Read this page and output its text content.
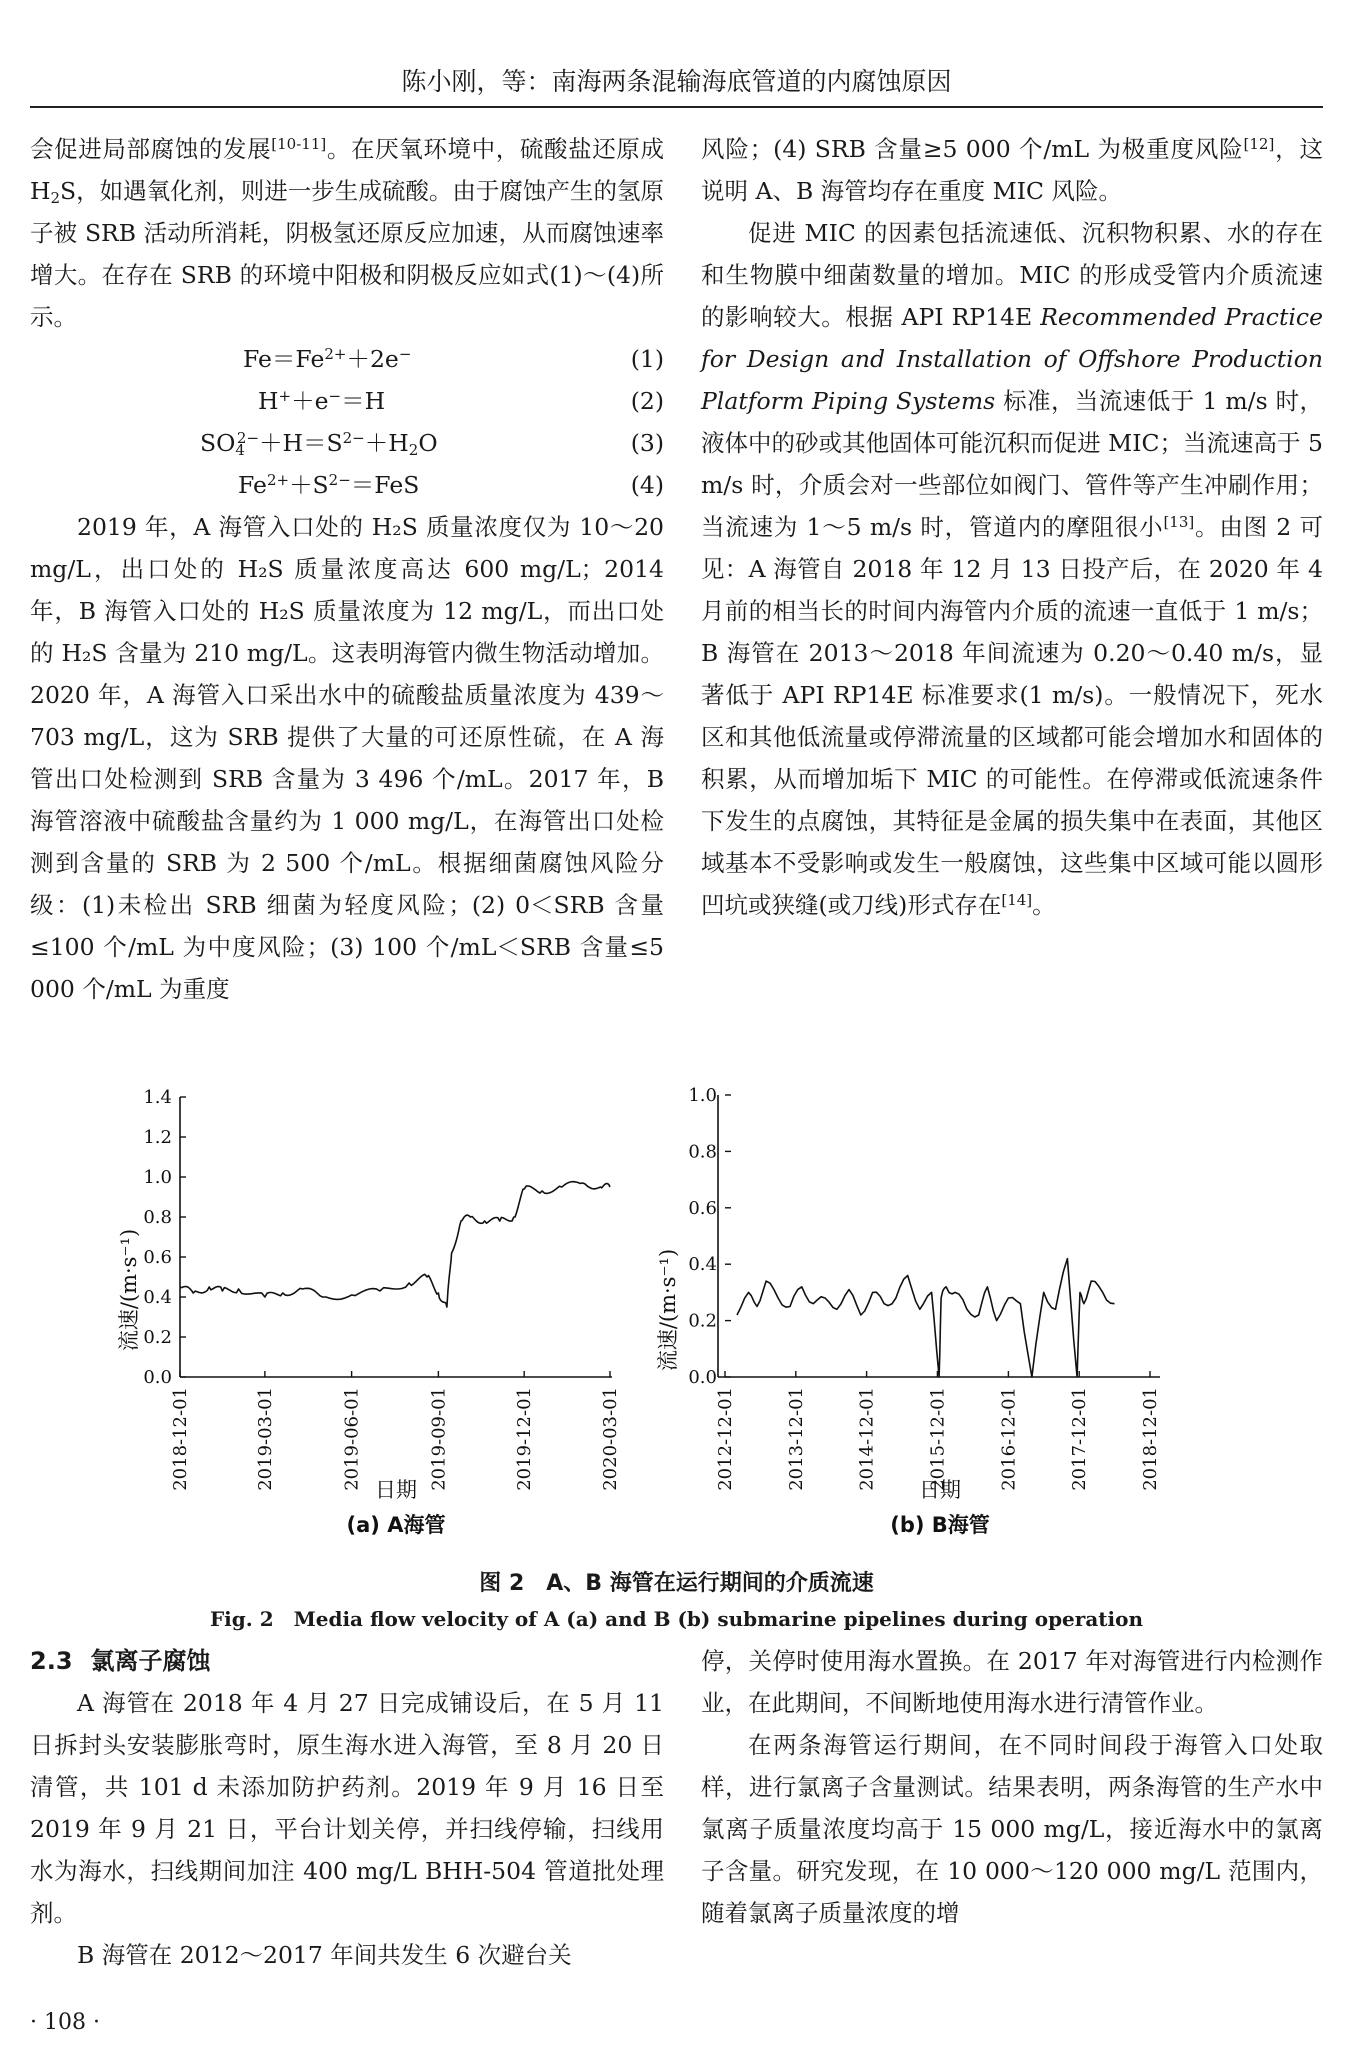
陈小刚，等：南海两条混输海底管道的内腐蚀原因

会促进局部腐蚀的发展[10-11]。在厌氧环境中，硫酸盐还原成 $H_2S$，如遇氧化剂，则进一步生成硫酸。由于腐蚀产生的氢原子被 SRB 活动所消耗，阴极氢还原反应加速，从而腐蚀速率增大。在存在 SRB 的环境中阳极和阴极反应如式(1)～(4)所示。

$Fe=Fe^{2+}+2e^-$	(1)
H+＋e−＝H	(2)
$SO_4^{2-}+H=S^{2-}+H_2O$	(3)
$Fe^{2+}+S^{2-}=FeS$	(4)

2019 年，A 海管入口处的 H₂S 质量浓度仅为 10～20 mg/L，出口处的 H₂S 质量浓度高达 600 mg/L；2014 年，B 海管入口处的 H₂S 质量浓度为 12 mg/L，而出口处的 H₂S 含量为 210 mg/L。这表明海管内微生物活动增加。2020 年，A 海管入口采出水中的硫酸盐质量浓度为 439～703 mg/L，这为 SRB 提供了大量的可还原性硫，在 A 海管出口处检测到 SRB 含量为 3 496 个/mL。2017 年，B 海管溶液中硫酸盐含量约为 1 000 mg/L，在海管出口处检测到含量的 SRB 为 2 500 个/mL。根据细菌腐蚀风险分级：(1)未检出 SRB 细菌为轻度风险；(2) 0＜SRB 含量≤100 个/mL 为中度风险；(3) 100 个/mL＜SRB 含量≤5 000 个/mL 为重度

风险；(4) SRB 含量≥5 000 个/mL 为极重度风险[12]，这说明 A、B 海管均存在重度 MIC 风险。

促进 MIC 的因素包括流速低、沉积物积累、水的存在和生物膜中细菌数量的增加。MIC 的形成受管内介质流速的影响较大。根据 API RP14E Recommended Practice for Design and Installation of Offshore Production Platform Piping Systems 标准，当流速低于 1 m/s 时，液体中的砂或其他固体可能沉积而促进 MIC；当流速高于 5 m/s 时，介质会对一些部位如阀门、管件等产生冲刷作用；当流速为 1～5 m/s 时，管道内的摩阻很小[13]。由图 2 可见：A 海管自 2018 年 12 月 13 日投产后，在 2020 年 4 月前的相当长的时间内海管内介质的流速一直低于 1 m/s；B 海管在 2013～2018 年间流速为 0.20～0.40 m/s，显著低于 API RP14E 标准要求(1 m/s)。一般情况下，死水区和其他低流量或停滞流量的区域都可能会增加水和固体的积累，从而增加垢下 MIC 的可能性。在停滞或低流速条件下发生的点腐蚀，其特征是金属的损失集中在表面，其他区域基本不受影响或发生一般腐蚀，这些集中区域可能以圆形凹坑或狭缝(或刀线)形式存在[14]。

流速/(m·s⁻¹)
0.0
0.2
0.4
0.6
0.8
1.0
1.2
1.4
2018-12-01	2019-03-01	2019-06-01	2019-09-01	2019-12-01	2020-03-01
日期
(a) A海管
流速/(m·s⁻¹)
0.0
0.2
0.4
0.6
0.8
1.0
2012-12-01	2013-12-01	2014-12-01	2015-12-01	2016-12-01	2017-12-01	2018-12-01
日期
(b) B海管
图 2　A、B 海管在运行期间的介质流速
Fig. 2　Media flow velocity of A (a) and B (b) submarine pipelines during operation
2.3 氯离子腐蚀

A 海管在 2018 年 4 月 27 日完成铺设后，在 5 月 11 日拆封头安装膨胀弯时，原生海水进入海管，至 8 月 20 日清管，共 101 d 未添加防护药剂。2019 年 9 月 16 日至 2019 年 9 月 21 日，平台计划关停，并扫线停输，扫线用水为海水，扫线期间加注 400 mg/L BHH-504 管道批处理剂。

B 海管在 2012～2017 年间共发生 6 次避台关

停，关停时使用海水置换。在 2017 年对海管进行内检测作业，在此期间，不间断地使用海水进行清管作业。

在两条海管运行期间，在不同时间段于海管入口处取样，进行氯离子含量测试。结果表明，两条海管的生产水中氯离子质量浓度均高于 15 000 mg/L，接近海水中的氯离子含量。研究发现，在 10 000～120 000 mg/L 范围内，随着氯离子质量浓度的增

· 108 ·
